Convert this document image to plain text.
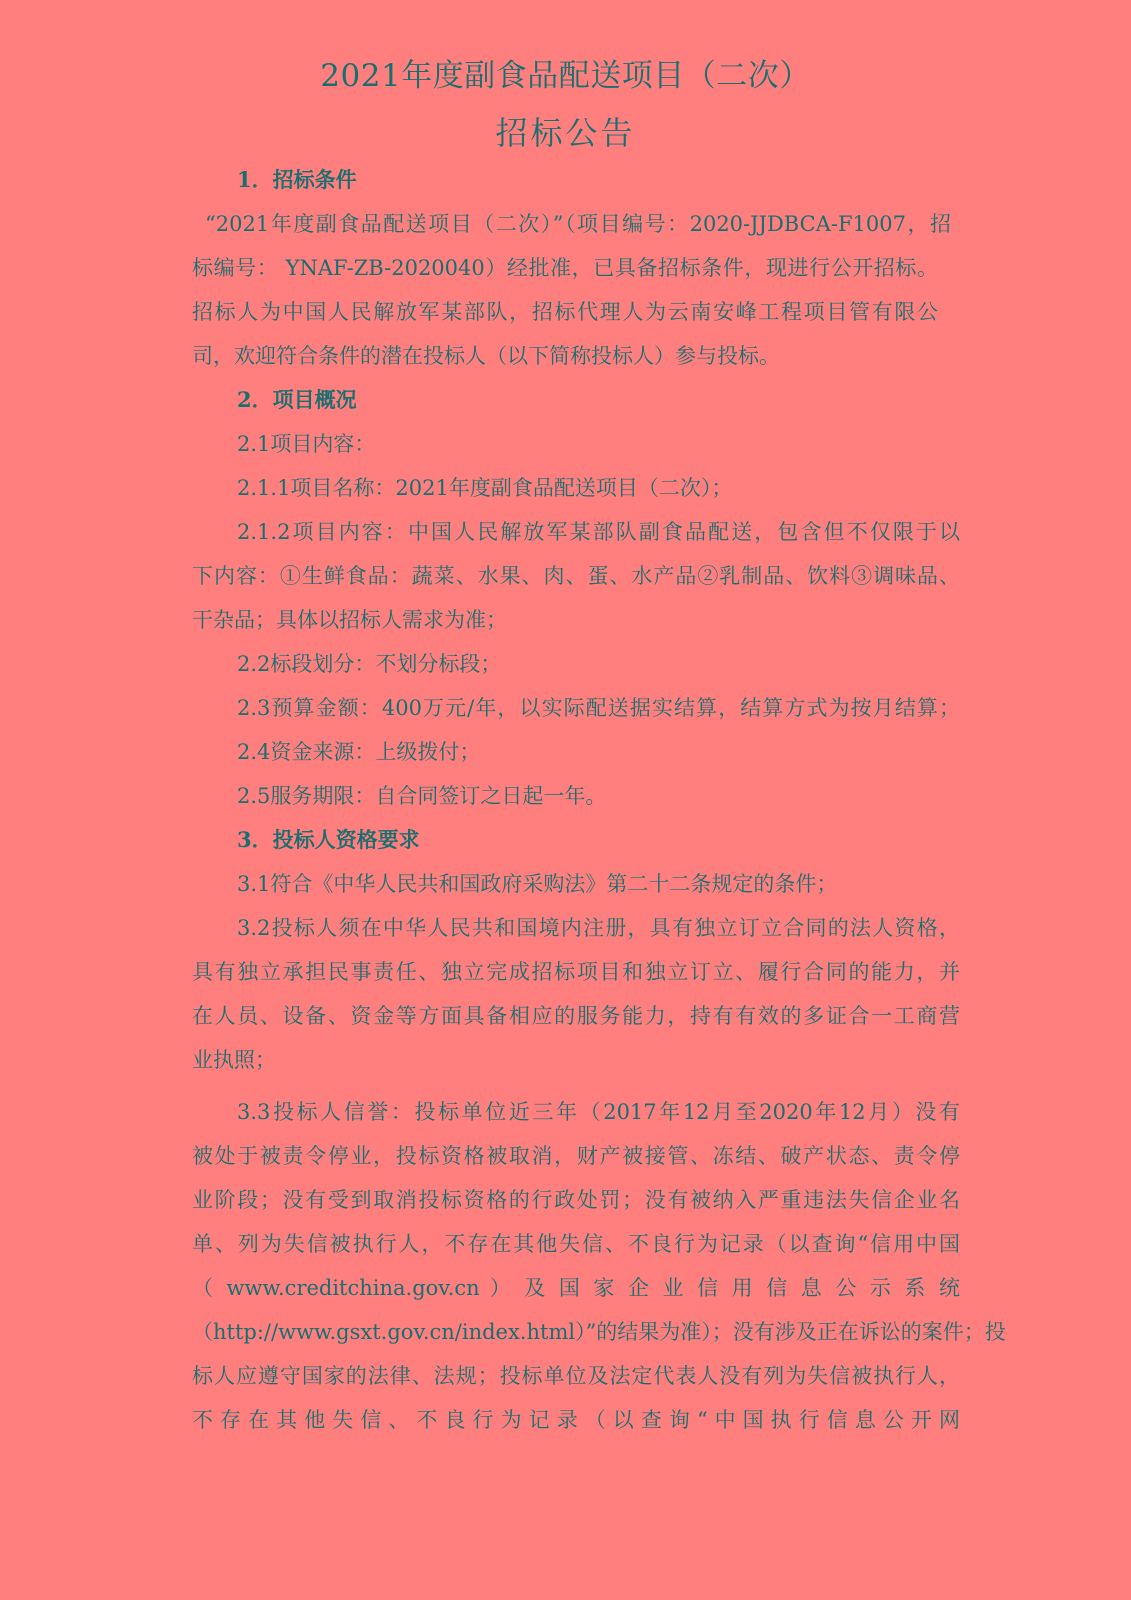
2021年度副食品配送项目（二次）
招标公告

1．招标条件

“2021年度副食品配送项目（二次）”（项目编号：2020-JJDBCA-F1007，招

标编号： YNAF-ZB-2020040）经批准，已具备招标条件，现进行公开招标。

招标人为中国人民解放军某部队，招标代理人为云南安峰工程项目管有限公

司，欢迎符合条件的潜在投标人（以下简称投标人）参与投标。

2．项目概况

2.1项目内容：

2.1.1项目名称：2021年度副食品配送项目（二次）；

2.1.2项目内容：中国人民解放军某部队副食品配送，包含但不仅限于以

下内容：①生鲜食品：蔬菜、水果、肉、蛋、水产品②乳制品、饮料③调味品、

干杂品；具体以招标人需求为准；

2.2标段划分：不划分标段；

2.3预算金额：400万元/年，以实际配送据实结算，结算方式为按月结算；

2.4资金来源：上级拨付；

2.5服务期限：自合同签订之日起一年。

3．投标人资格要求

3.1符合《中华人民共和国政府采购法》第二十二条规定的条件；

3.2投标人须在中华人民共和国境内注册，具有独立订立合同的法人资格，

具有独立承担民事责任、独立完成招标项目和独立订立、履行合同的能力，并

在人员、设备、资金等方面具备相应的服务能力，持有有效的多证合一工商营

业执照；

3.3投标人信誉：投标单位近三年（2017年12月至2020年12月）没有

被处于被责令停业，投标资格被取消，财产被接管、冻结、破产状态、责令停

业阶段；没有受到取消投标资格的行政处罚；没有被纳入严重违法失信企业名

单、列为失信被执行人，不存在其他失信、不良行为记录（以查询“信用中国

（ www.creditchina.gov.cn ） 及 国 家 企 业 信 用 信 息 公 示 系 统

（http://www.gsxt.gov.cn/index.html）”的结果为准）；没有涉及正在诉讼的案件；投

标人应遵守国家的法律、法规；投标单位及法定代表人没有列为失信被执行人，

不 存 在 其 他 失 信 、 不 良 行 为 记 录 （ 以 查 询 “ 中 国 执 行 信 息 公 开 网
